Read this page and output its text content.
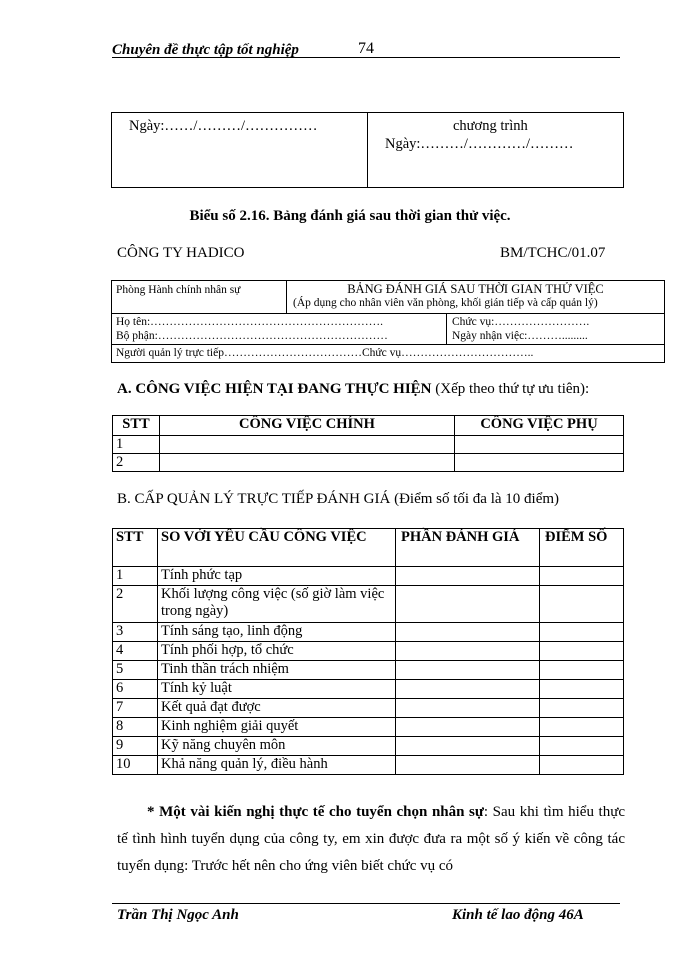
Chuyên đề thực tập tốt nghiệp	74
Ngày:……/………/……………	chương trình
Ngày:………/…………/………
Biểu số 2.16. Bảng đánh giá sau thời gian thử việc.
CÔNG TY HADICO	BM/TCHC/01.07
Phòng Hành chính nhân sự	BẢNG ĐÁNH GIÁ SAU THỜI GIAN THỬ VIỆC
(Áp dụng cho nhân viên văn phòng, khối gián tiếp và cấp quản lý)
Họ tên:…………………………………………………….	Chức vụ:…………………….
Bộ phận:……………………………………………………	Ngày nhận việc:……….........
Người quản lý trực tiếp………………………………Chức vụ……………………………..
A. CÔNG VIỆC HIỆN TẠI ĐANG THỰC HIỆN (Xếp theo thứ tự ưu tiên):
STT	CÔNG VIỆC CHÍNH	CÔNG VIỆC PHỤ
1		
2		
B. CẤP QUẢN LÝ TRỰC TIẾP ĐÁNH GIÁ (Điểm số tối đa là 10 điểm)
STT	SO VỚI YÊU CẦU CÔNG VIỆC	PHẦN ĐÁNH GIÁ	ĐIỂM SỐ
1	Tính phức tạp		
2	Khối lượng công việc (số giờ làm việc trong ngày)		
3	Tính sáng tạo, linh động		
4	Tính phối hợp, tổ chức		
5	Tinh thần trách nhiệm		
6	Tính kỷ luật		
7	Kết quả đạt được		
8	Kinh nghiệm giải quyết		
9	Kỹ năng chuyên môn		
10	Khả năng quản lý, điều hành		
* Một vài kiến nghị thực tế cho tuyển chọn nhân sự: Sau khi tìm hiểu thực tế tình hình tuyển dụng của công ty, em xin được đưa ra một số ý kiến về công tác tuyển dụng: Trước hết nên cho ứng viên biết chức vụ có
Trần Thị Ngọc Anh	Kinh tế lao động 46A
